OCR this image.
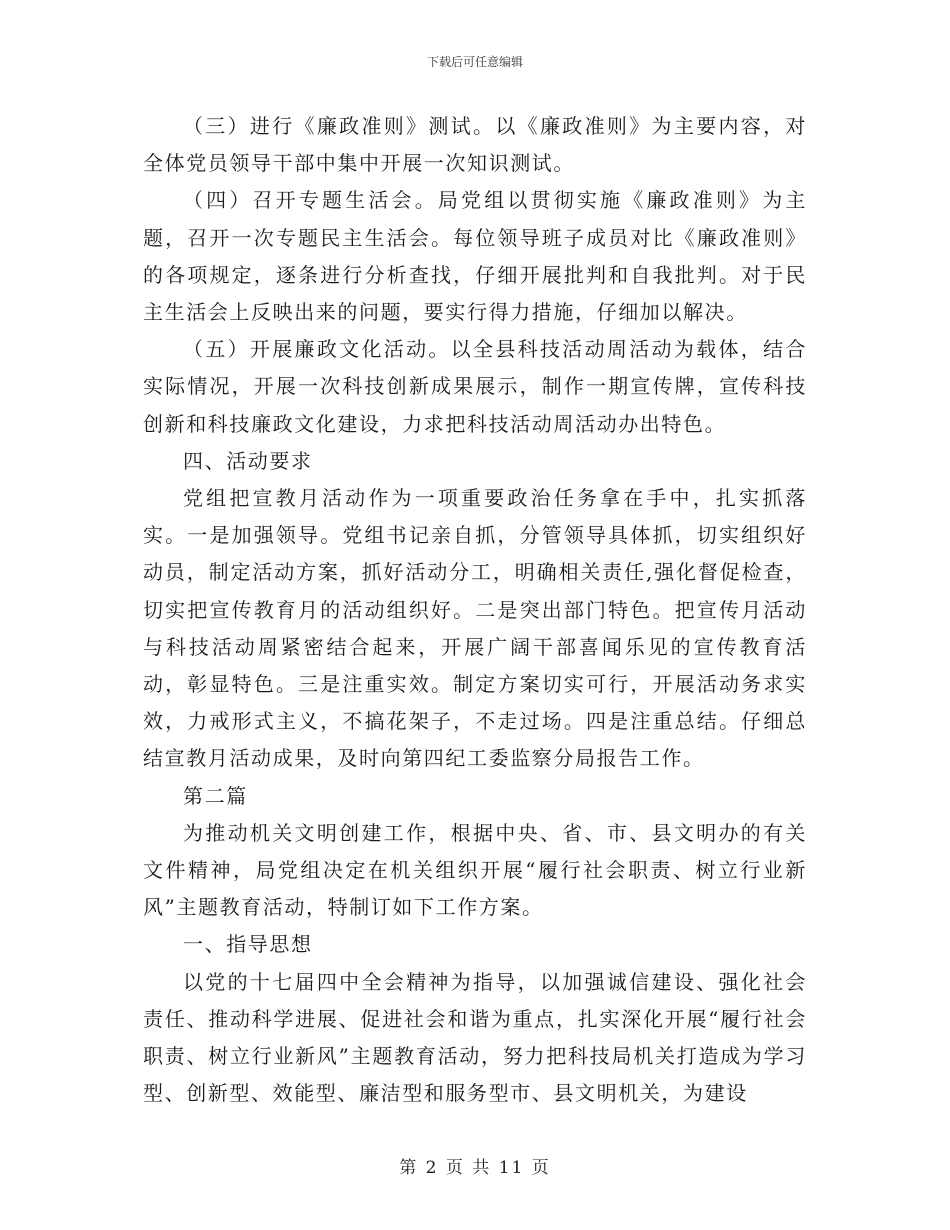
下载后可任意编辑

（三）进行《廉政准则》测试。以《廉政准则》为主要内容，对全体党员领导干部中集中开展一次知识测试。

（四）召开专题生活会。局党组以贯彻实施《廉政准则》为主题，召开一次专题民主生活会。每位领导班子成员对比《廉政准则》的各项规定，逐条进行分析查找，仔细开展批判和自我批判。对于民主生活会上反映出来的问题，要实行得力措施，仔细加以解决。

（五）开展廉政文化活动。以全县科技活动周活动为载体，结合实际情况，开展一次科技创新成果展示，制作一期宣传牌，宣传科技创新和科技廉政文化建设，力求把科技活动周活动办出特色。

四、活动要求

党组把宣教月活动作为一项重要政治任务拿在手中，扎实抓落实。一是加强领导。党组书记亲自抓，分管领导具体抓，切实组织好动员，制定活动方案，抓好活动分工，明确相关责任,强化督促检查，切实把宣传教育月的活动组织好。二是突出部门特色。把宣传月活动与科技活动周紧密结合起来，开展广阔干部喜闻乐见的宣传教育活动，彰显特色。三是注重实效。制定方案切实可行，开展活动务求实效，力戒形式主义，不搞花架子，不走过场。四是注重总结。仔细总结宣教月活动成果，及时向第四纪工委监察分局报告工作。

第二篇

为推动机关文明创建工作，根据中央、省、市、县文明办的有关文件精神，局党组决定在机关组织开展“履行社会职责、树立行业新风”主题教育活动，特制订如下工作方案。

一、指导思想

以党的十七届四中全会精神为指导，以加强诚信建设、强化社会责任、推动科学进展、促进社会和谐为重点，扎实深化开展“履行社会职责、树立行业新风”主题教育活动，努力把科技局机关打造成为学习型、创新型、效能型、廉洁型和服务型市、县文明机关，为建设

第 2 页 共 11 页
